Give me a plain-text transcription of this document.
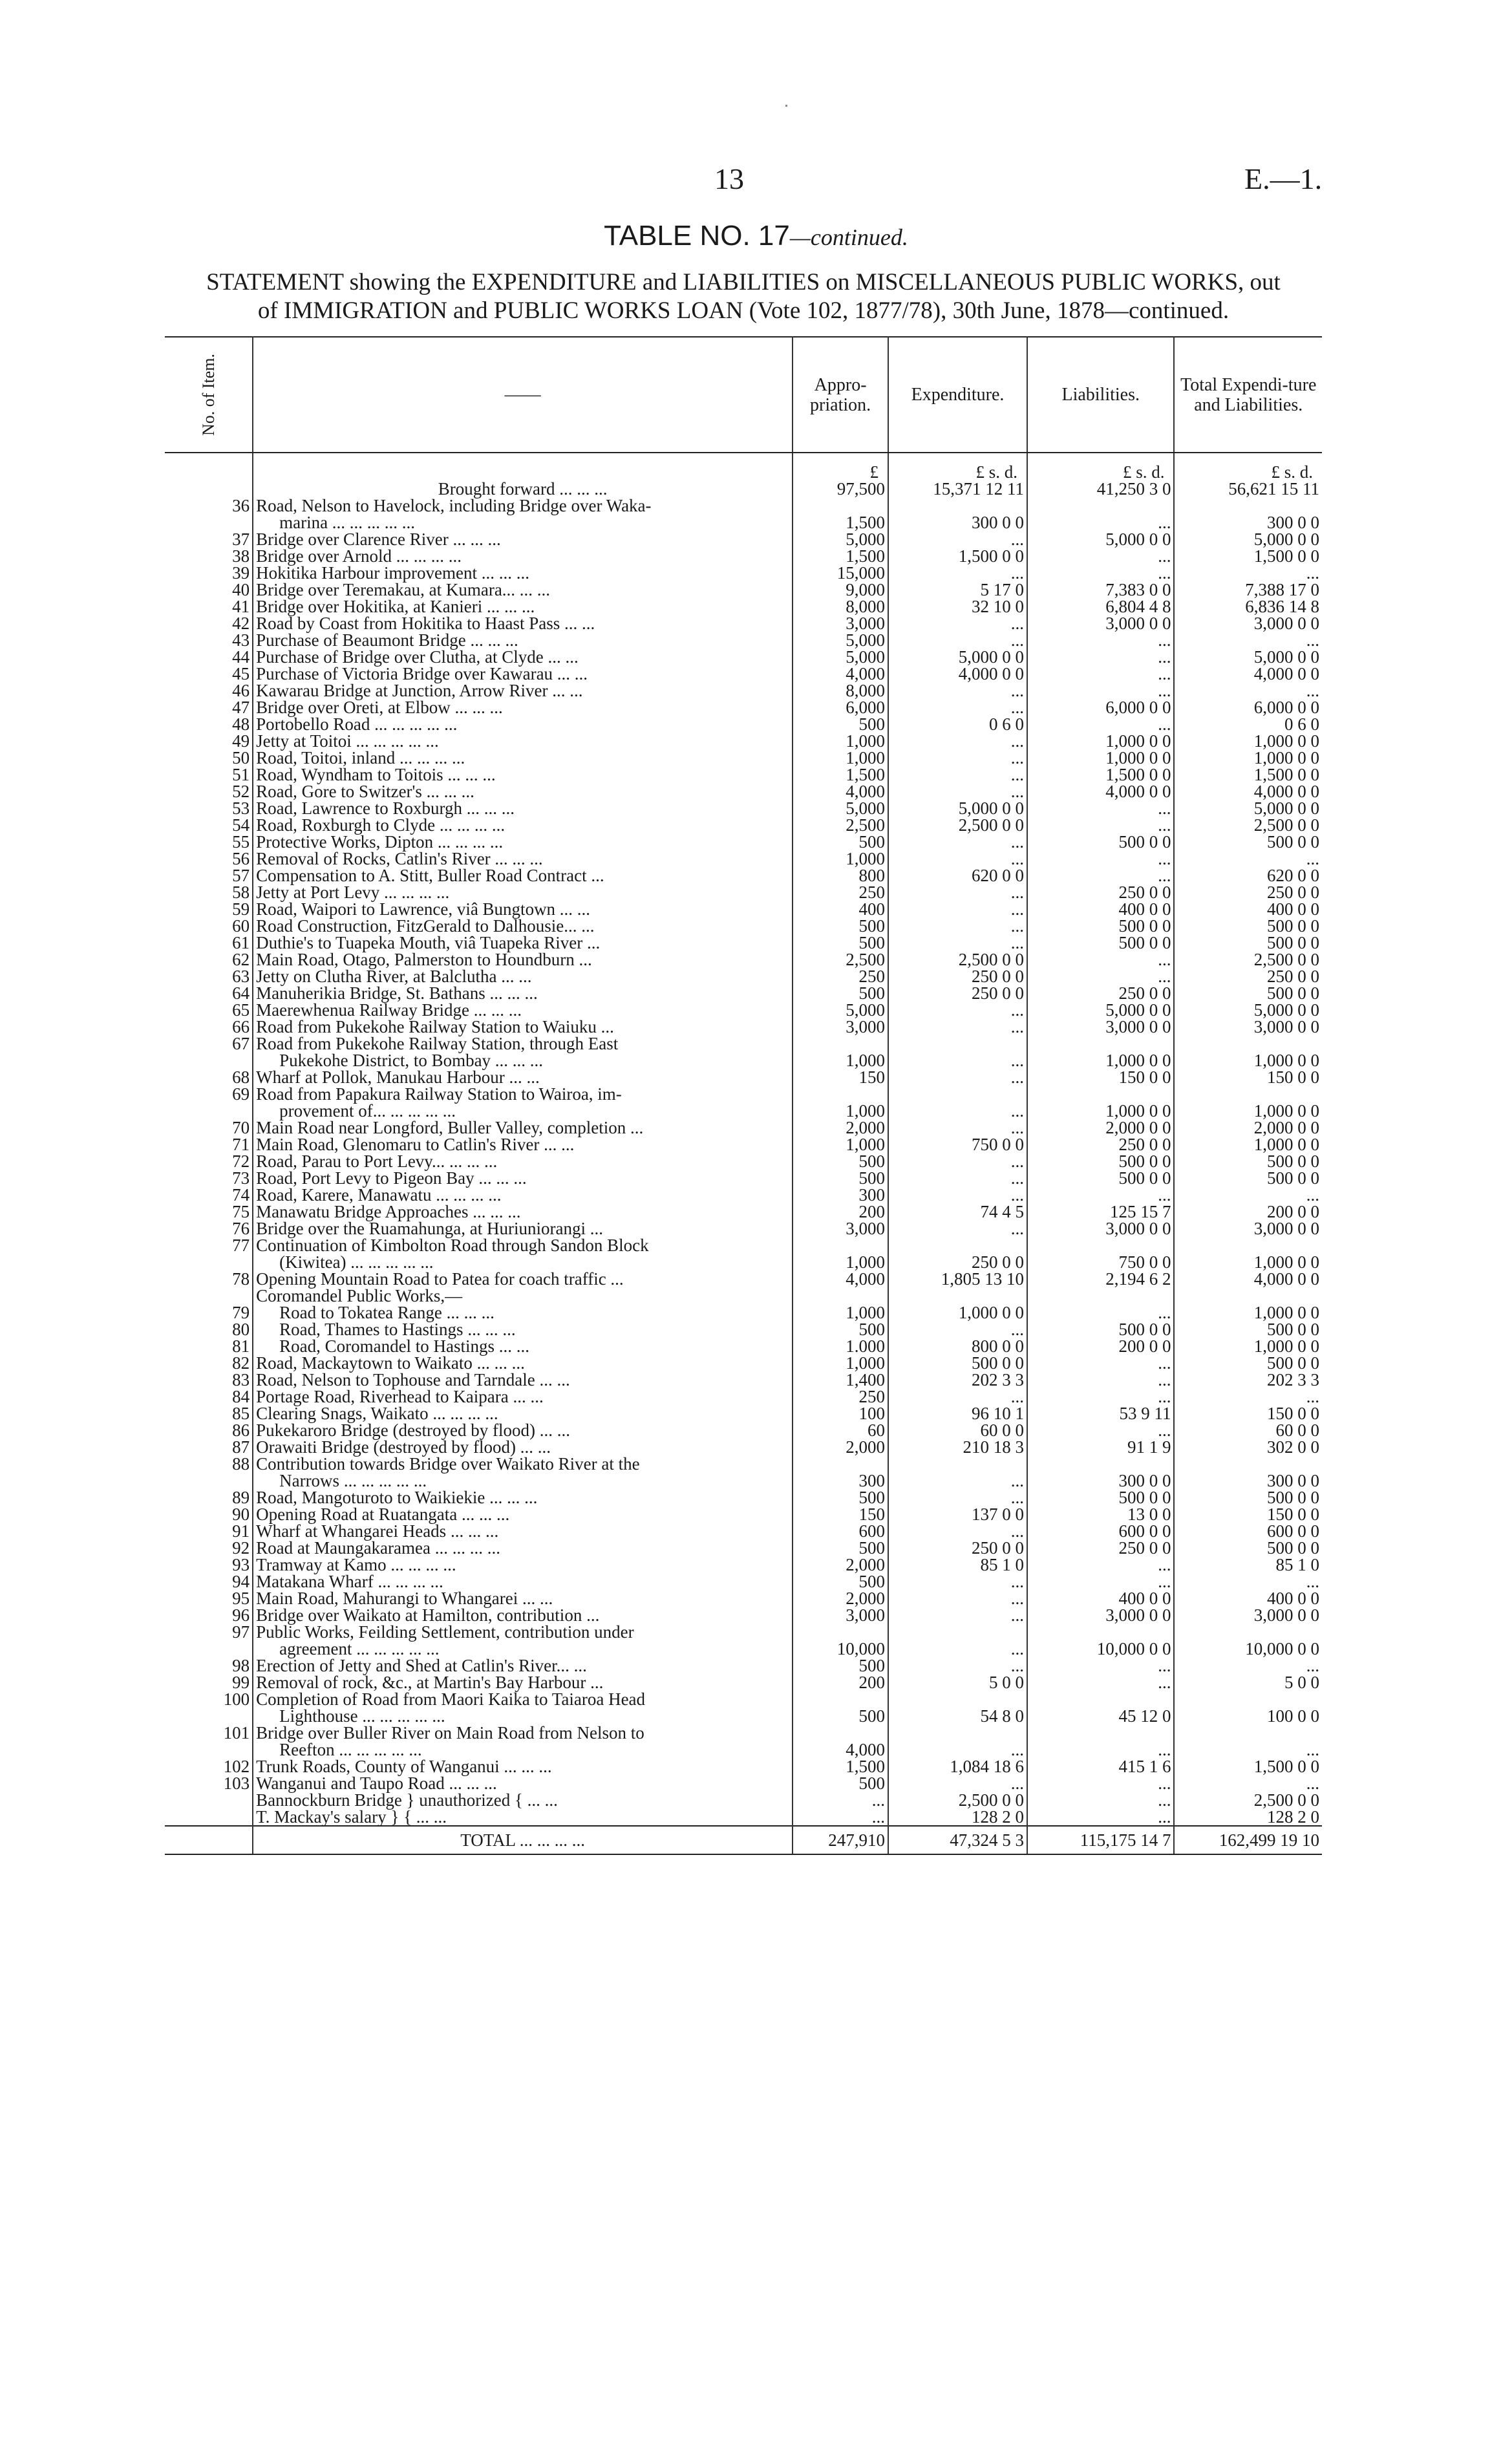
13	E.—1.
TABLE NO. 17—continued.
STATEMENT showing the EXPENDITURE and LIABILITIES on MISCELLANEOUS PUBLIC WORKS, out
of IMMIGRATION and PUBLIC WORKS LOAN (Vote 102, 1877/78), 30th June, 1878—continued.
No. of Item.	——	Appro-priation.	Expenditure.	Liabilities.	Total Expendi-ture and Liabilities.
		£	£ s. d.	£ s. d.	£ s. d.
	Brought forward ... ... ...	97,500	15,371 12 11	41,250 3 0	56,621 15 11
36	Road, Nelson to Havelock, including Bridge over Waka-				
	marina ... ... ... ... ...	1,500	300 0 0	...	300 0 0
37	Bridge over Clarence River ... ... ...	5,000	...	5,000 0 0	5,000 0 0
38	Bridge over Arnold ... ... ... ...	1,500	1,500 0 0	...	1,500 0 0
39	Hokitika Harbour improvement ... ... ...	15,000	...	...	...
40	Bridge over Teremakau, at Kumara... ... ...	9,000	5 17 0	7,383 0 0	7,388 17 0
41	Bridge over Hokitika, at Kanieri ... ... ...	8,000	32 10 0	6,804 4 8	6,836 14 8
42	Road by Coast from Hokitika to Haast Pass ... ...	3,000	...	3,000 0 0	3,000 0 0
43	Purchase of Beaumont Bridge ... ... ...	5,000	...	...	...
44	Purchase of Bridge over Clutha, at Clyde ... ...	5,000	5,000 0 0	...	5,000 0 0
45	Purchase of Victoria Bridge over Kawarau ... ...	4,000	4,000 0 0	...	4,000 0 0
46	Kawarau Bridge at Junction, Arrow River ... ...	8,000	...	...	...
47	Bridge over Oreti, at Elbow ... ... ...	6,000	...	6,000 0 0	6,000 0 0
48	Portobello Road ... ... ... ... ...	500	0 6 0	...	0 6 0
49	Jetty at Toitoi ... ... ... ... ...	1,000	...	1,000 0 0	1,000 0 0
50	Road, Toitoi, inland ... ... ... ...	1,000	...	1,000 0 0	1,000 0 0
51	Road, Wyndham to Toitois ... ... ...	1,500	...	1,500 0 0	1,500 0 0
52	Road, Gore to Switzer's ... ... ...	4,000	...	4,000 0 0	4,000 0 0
53	Road, Lawrence to Roxburgh ... ... ...	5,000	5,000 0 0	...	5,000 0 0
54	Road, Roxburgh to Clyde ... ... ... ...	2,500	2,500 0 0	...	2,500 0 0
55	Protective Works, Dipton ... ... ... ...	500	...	500 0 0	500 0 0
56	Removal of Rocks, Catlin's River ... ... ...	1,000	...	...	...
57	Compensation to A. Stitt, Buller Road Contract ...	800	620 0 0	...	620 0 0
58	Jetty at Port Levy ... ... ... ...	250	...	250 0 0	250 0 0
59	Road, Waipori to Lawrence, viâ Bungtown ... ...	400	...	400 0 0	400 0 0
60	Road Construction, FitzGerald to Dalhousie... ...	500	...	500 0 0	500 0 0
61	Duthie's to Tuapeka Mouth, viâ Tuapeka River ...	500	...	500 0 0	500 0 0
62	Main Road, Otago, Palmerston to Houndburn ...	2,500	2,500 0 0	...	2,500 0 0
63	Jetty on Clutha River, at Balclutha ... ...	250	250 0 0	...	250 0 0
64	Manuherikia Bridge, St. Bathans ... ... ...	500	250 0 0	250 0 0	500 0 0
65	Maerewhenua Railway Bridge ... ... ...	5,000	...	5,000 0 0	5,000 0 0
66	Road from Pukekohe Railway Station to Waiuku ...	3,000	...	3,000 0 0	3,000 0 0
67	Road from Pukekohe Railway Station, through East				
	Pukekohe District, to Bombay ... ... ...	1,000	...	1,000 0 0	1,000 0 0
68	Wharf at Pollok, Manukau Harbour ... ...	150	...	150 0 0	150 0 0
69	Road from Papakura Railway Station to Wairoa, im-				
	provement of... ... ... ... ...	1,000	...	1,000 0 0	1,000 0 0
70	Main Road near Longford, Buller Valley, completion ...	2,000	...	2,000 0 0	2,000 0 0
71	Main Road, Glenomaru to Catlin's River ... ...	1,000	750 0 0	250 0 0	1,000 0 0
72	Road, Parau to Port Levy... ... ... ...	500	...	500 0 0	500 0 0
73	Road, Port Levy to Pigeon Bay ... ... ...	500	...	500 0 0	500 0 0
74	Road, Karere, Manawatu ... ... ... ...	300	...	...	...
75	Manawatu Bridge Approaches ... ... ...	200	74 4 5	125 15 7	200 0 0
76	Bridge over the Ruamahunga, at Huriuniorangi ...	3,000	...	3,000 0 0	3,000 0 0
77	Continuation of Kimbolton Road through Sandon Block				
	(Kiwitea) ... ... ... ... ...	1,000	250 0 0	750 0 0	1,000 0 0
78	Opening Mountain Road to Patea for coach traffic ...	4,000	1,805 13 10	2,194 6 2	4,000 0 0
	Coromandel Public Works,—				
79	Road to Tokatea Range ... ... ...	1,000	1,000 0 0	...	1,000 0 0
80	Road, Thames to Hastings ... ... ...	500	...	500 0 0	500 0 0
81	Road, Coromandel to Hastings ... ...	1.000	800 0 0	200 0 0	1,000 0 0
82	Road, Mackaytown to Waikato ... ... ...	1,000	500 0 0	...	500 0 0
83	Road, Nelson to Tophouse and Tarndale ... ...	1,400	202 3 3	...	202 3 3
84	Portage Road, Riverhead to Kaipara ... ...	250	...	...	...
85	Clearing Snags, Waikato ... ... ... ...	100	96 10 1	53 9 11	150 0 0
86	Pukekaroro Bridge (destroyed by flood) ... ...	60	60 0 0	...	60 0 0
87	Orawaiti Bridge (destroyed by flood) ... ...	2,000	210 18 3	91 1 9	302 0 0
88	Contribution towards Bridge over Waikato River at the				
	Narrows ... ... ... ... ...	300	...	300 0 0	300 0 0
89	Road, Mangoturoto to Waikiekie ... ... ...	500	...	500 0 0	500 0 0
90	Opening Road at Ruatangata ... ... ...	150	137 0 0	13 0 0	150 0 0
91	Wharf at Whangarei Heads ... ... ...	600	...	600 0 0	600 0 0
92	Road at Maungakaramea ... ... ... ...	500	250 0 0	250 0 0	500 0 0
93	Tramway at Kamo ... ... ... ...	2,000	85 1 0	...	85 1 0
94	Matakana Wharf ... ... ... ...	500	...	...	...
95	Main Road, Mahurangi to Whangarei ... ...	2,000	...	400 0 0	400 0 0
96	Bridge over Waikato at Hamilton, contribution ...	3,000	...	3,000 0 0	3,000 0 0
97	Public Works, Feilding Settlement, contribution under				
	agreement ... ... ... ... ...	10,000	...	10,000 0 0	10,000 0 0
98	Erection of Jetty and Shed at Catlin's River... ...	500	...	...	...
99	Removal of rock, &c., at Martin's Bay Harbour ...	200	5 0 0	...	5 0 0
100	Completion of Road from Maori Kaika to Taiaroa Head				
	Lighthouse ... ... ... ... ...	500	54 8 0	45 12 0	100 0 0
101	Bridge over Buller River on Main Road from Nelson to				
	Reefton ... ... ... ... ...	4,000	...	...	...
102	Trunk Roads, County of Wanganui ... ... ...	1,500	1,084 18 6	415 1 6	1,500 0 0
103	Wanganui and Taupo Road ... ... ...	500	...	...	...
	Bannockburn Bridge } unauthorized { ... ...	...	2,500 0 0	...	2,500 0 0
	T. Mackay's salary } { ... ...	...	128 2 0	...	128 2 0
	TOTAL ... ... ... ...	247,910	47,324 5 3	115,175 14 7	162,499 19 10
